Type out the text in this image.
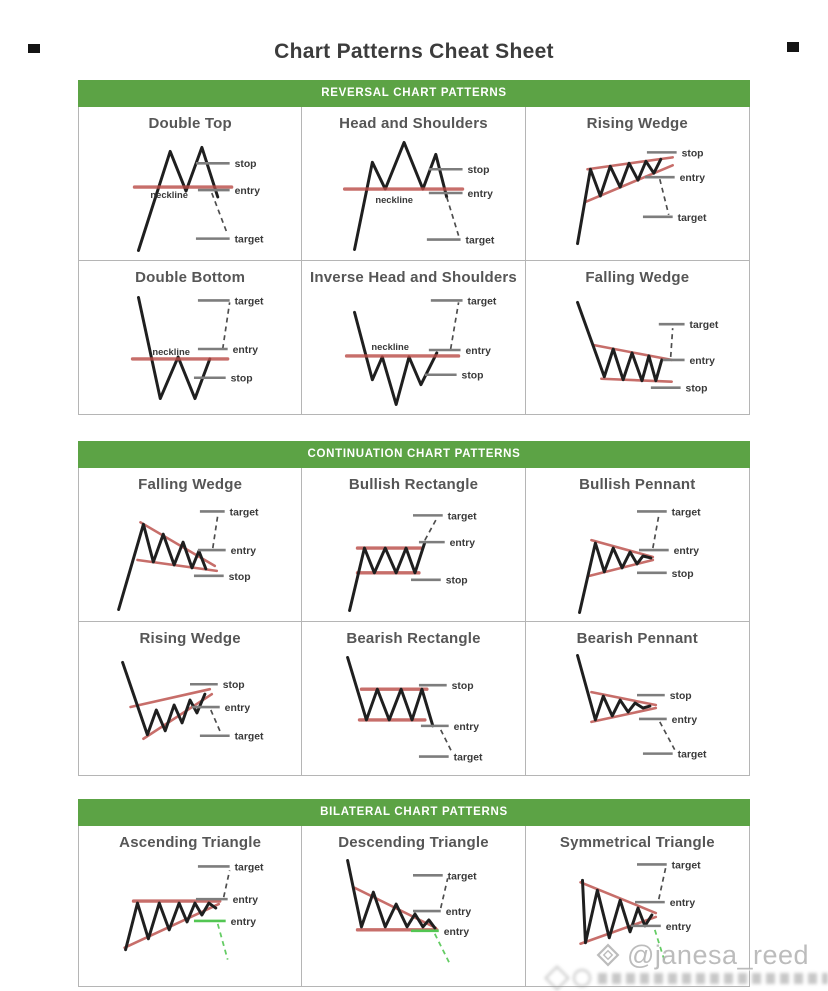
Chart Patterns Cheat Sheet
REVERSAL CHART PATTERNS
Double Top
stop
entry
neckline
target
Head and Shoulders
stop
entry
neckline
target
Rising Wedge
stop
entry
target
Double Bottom
target
entry
neckline
stop
Inverse Head and Shoulders
target
entry
neckline
stop
Falling Wedge
target
entry
stop
CONTINUATION CHART PATTERNS
Falling Wedge
target
entry
stop
Bullish Rectangle
target
entry
stop
Bullish Pennant
target
entry
stop
Rising Wedge
stop
entry
target
Bearish Rectangle
stop
entry
target
Bearish Pennant
stop
entry
target
BILATERAL CHART PATTERNS
Ascending Triangle
target
entry
entry
Descending Triangle
target
entry
entry
Symmetrical Triangle
target
entry
entry
@janesa_reed
